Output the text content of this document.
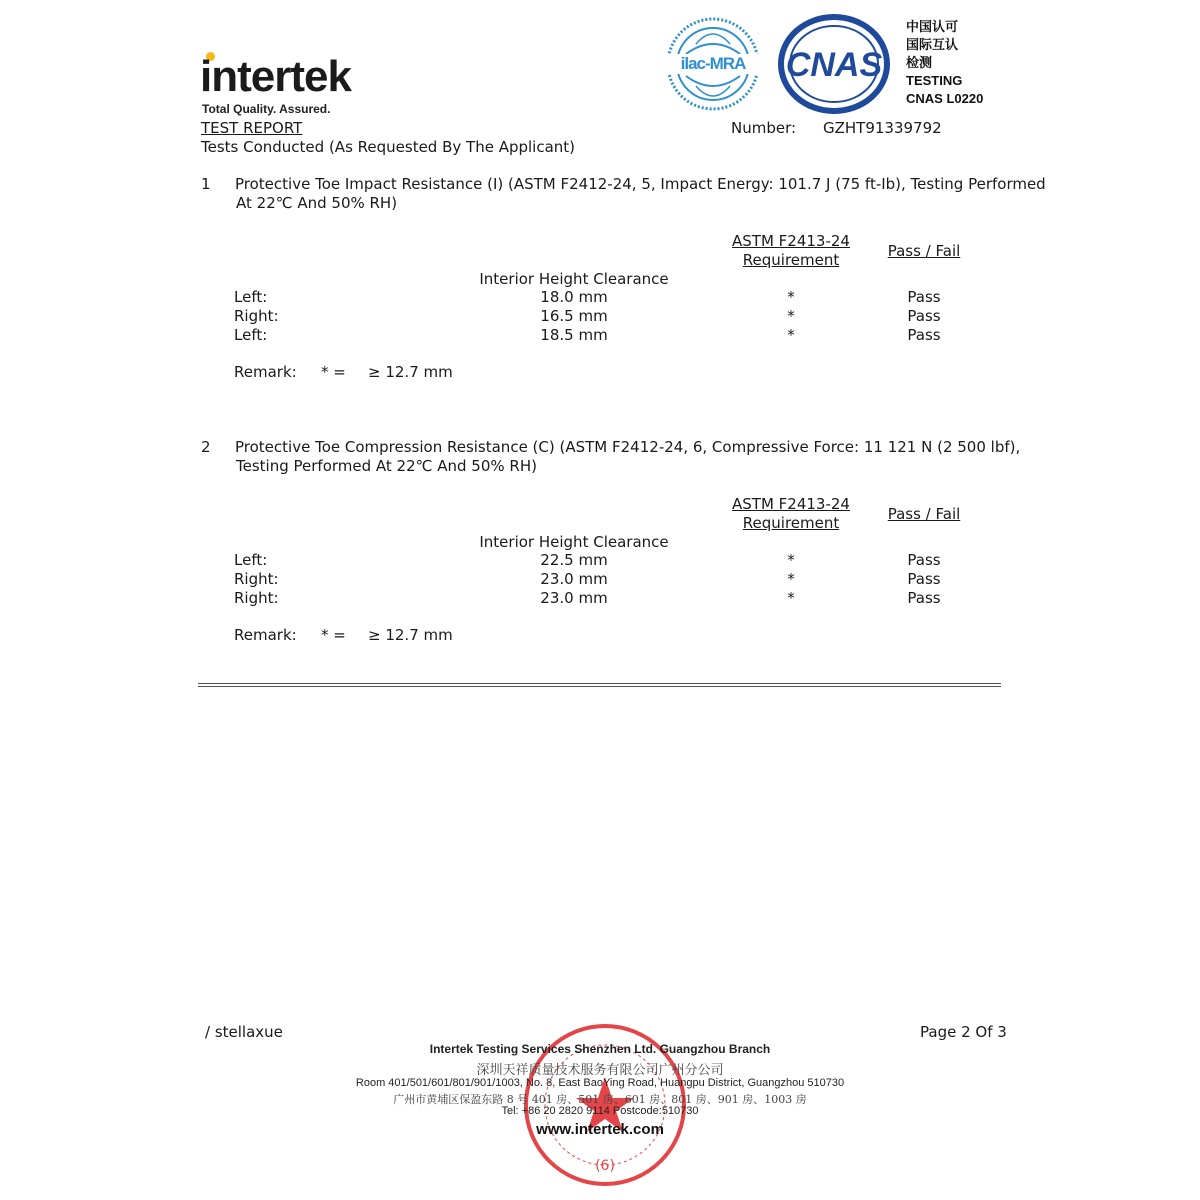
intertek
Total Quality. Assured.
ilac-MRA	CNAS
中国认可
国际互认
检测
TESTING
CNAS L0220
TEST REPORT
Tests Conducted (As Requested By The Applicant)
Number: GZHT91339792
1 Protective Toe Impact Resistance (I) (ASTM F2412-24, 5, Impact Energy: 101.7 J (75 ft-Ib), Testing Performed
At 22℃ And 50% RH)
ASTM F2413-24
Requirement	Pass / Fail
Interior Height Clearance
Left:	18.0 mm	*	Pass
Right:	16.5 mm	*	Pass
Left:	18.5 mm	*	Pass
Remark: * = ≥ 12.7 mm
2 Protective Toe Compression Resistance (C) (ASTM F2412-24, 6, Compressive Force: 11 121 N (2 500 lbf),
Testing Performed At 22℃ And 50% RH)
ASTM F2413-24
Requirement	Pass / Fail
Interior Height Clearance
Left:	22.5 mm	*	Pass
Right:	23.0 mm	*	Pass
Right:	23.0 mm	*	Pass
Remark: * = ≥ 12.7 mm
/ stellaxue	Page 2 Of 3
(6)
Intertek Testing Services Shenzhen Ltd. Guangzhou Branch
深圳天祥质量技术服务有限公司广州分公司
Room 401/501/601/801/901/1003, No. 8, East BaoYing Road, Huangpu District, Guangzhou 510730
广州市黄埔区保盈东路 8 号 401 房、501 房、601 房、801 房、901 房、1003 房
Tel: +86 20 2820 9114 Postcode:510730
www.intertek.com
